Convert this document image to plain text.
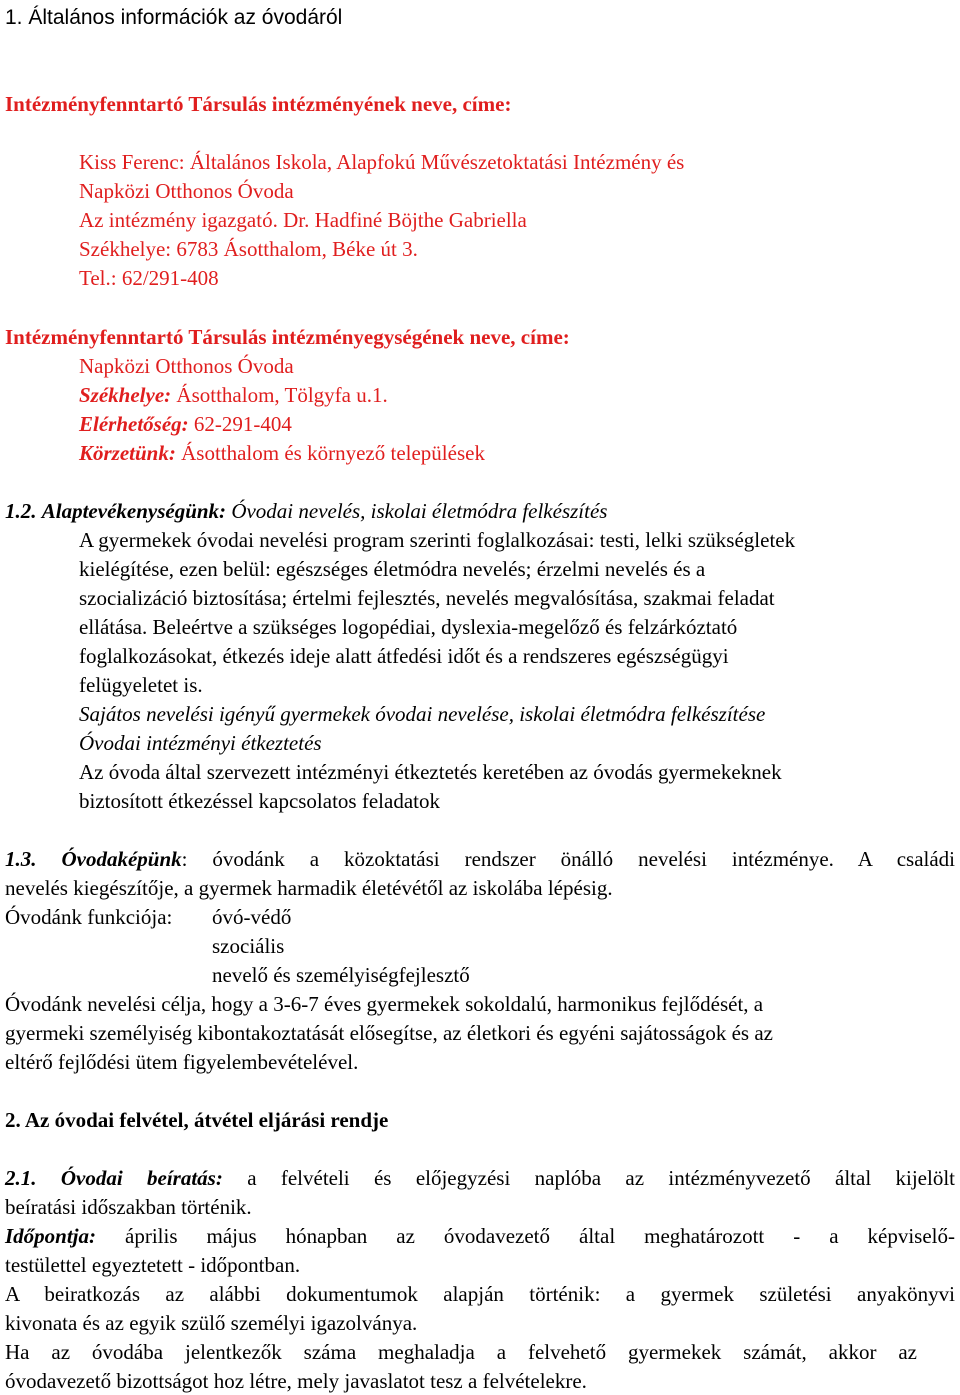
1. Általános információk az óvodáról
Intézményfenntartó Társulás intézményének neve, címe:
Kiss Ferenc: Általános Iskola, Alapfokú Művészetoktatási Intézmény és
Napközi Otthonos Óvoda
Az intézmény igazgató. Dr. Hadfiné Böjthe Gabriella
Székhelye: 6783 Ásotthalom, Béke út 3.
Tel.: 62/291-408
Intézményfenntartó Társulás intézményegységének neve, címe:
Napközi Otthonos Óvoda
Székhelye: Ásotthalom, Tölgyfa u.1.
Elérhetőség: 62-291-404
Körzetünk: Ásotthalom és környező települések
1.2. Alaptevékenységünk: Óvodai nevelés, iskolai életmódra felkészítés
A gyermekek óvodai nevelési program szerinti foglalkozásai: testi, lelki szükségletek
kielégítése, ezen belül: egészséges életmódra nevelés; érzelmi nevelés és a
szocializáció biztosítása; értelmi fejlesztés, nevelés megvalósítása, szakmai feladat
ellátása. Beleértve a szükséges logopédiai, dyslexia-megelőző és felzárkóztató
foglalkozásokat, étkezés ideje alatt átfedési időt és a rendszeres egészségügyi
felügyeletet is.
Sajátos nevelési igényű gyermekek óvodai nevelése, iskolai életmódra felkészítése
Óvodai intézményi étkeztetés
Az óvoda által szervezett intézményi étkeztetés keretében az óvodás gyermekeknek
biztosított étkezéssel kapcsolatos feladatok
1.3. Óvodaképünk: óvodánk a közoktatási rendszer önálló nevelési intézménye. A családi
nevelés kiegészítője, a gyermek harmadik életévétől az iskolába lépésig.
Óvodánk funkciója: óvó-védő
szociális
nevelő és személyiségfejlesztő
Óvodánk nevelési célja, hogy a 3-6-7 éves gyermekek sokoldalú, harmonikus fejlődését, a
gyermeki személyiség kibontakoztatását elősegítse, az életkori és egyéni sajátosságok és az
eltérő fejlődési ütem figyelembevételével.
2. Az óvodai felvétel, átvétel eljárási rendje
2.1. Óvodai beíratás: a felvételi és előjegyzési naplóba az intézményvezető által kijelölt
beíratási időszakban történik.
Időpontja: április május hónapban az óvodavezető által meghatározott - a képviselő-
testülettel egyeztetett - időpontban.
A beiratkozás az alábbi dokumentumok alapján történik: a gyermek születési anyakönyvi
kivonata és az egyik szülő személyi igazolványa.
Ha az óvodába jelentkezők száma meghaladja a felvehető gyermekek számát, akkor az
óvodavezető bizottságot hoz létre, mely javaslatot tesz a felvételekre.
